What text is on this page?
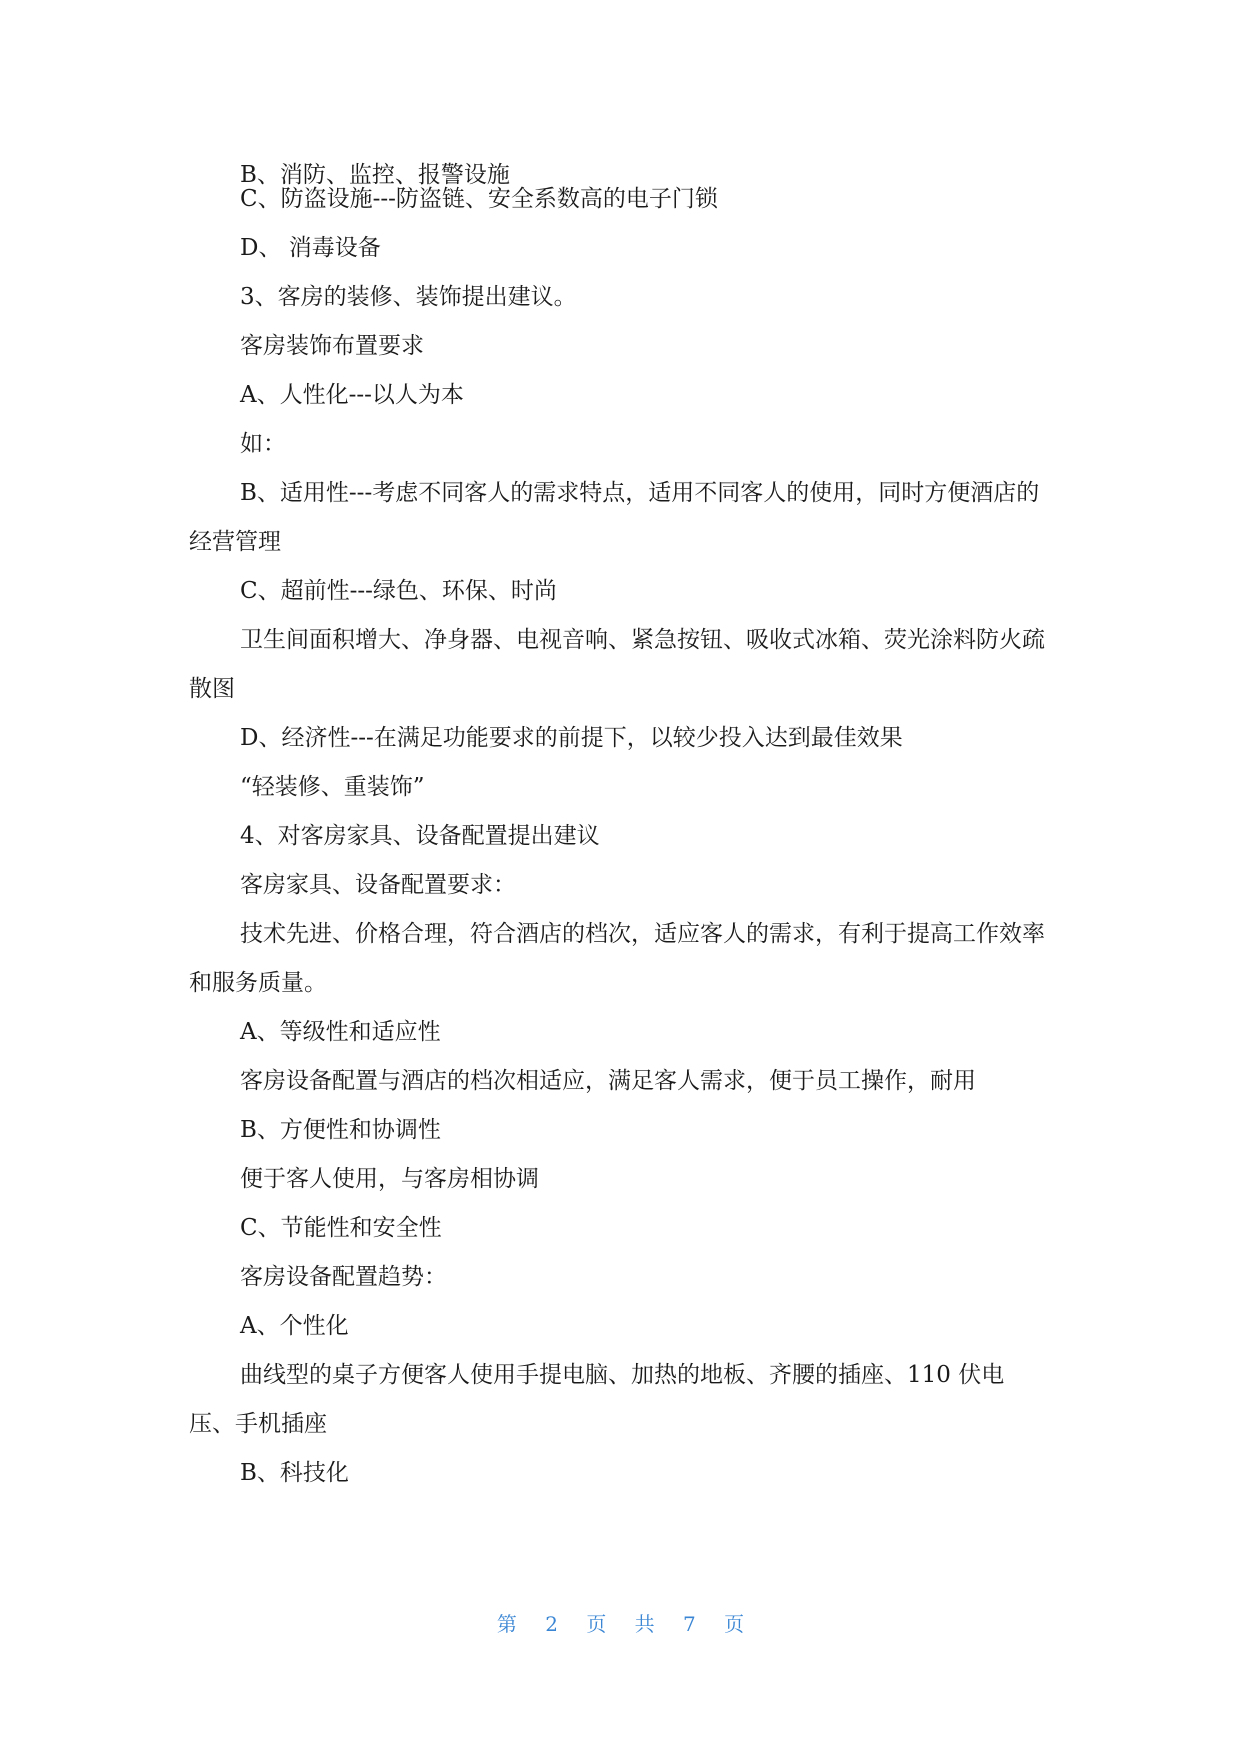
B、消防、监控、报警设施
C、防盗设施---防盗链、安全系数高的电子门锁
D、 消毒设备
3、客房的装修、装饰提出建议。
客房装饰布置要求
A、人性化---以人为本
如：
B、适用性---考虑不同客人的需求特点，适用不同客人的使用，同时方便酒店的经营管理
C、超前性---绿色、环保、时尚
卫生间面积增大、净身器、电视音响、紧急按钮、吸收式冰箱、荧光涂料防火疏散图
D、经济性---在满足功能要求的前提下，以较少投入达到最佳效果
“轻装修、重装饰”
4、对客房家具、设备配置提出建议
客房家具、设备配置要求：
技术先进、价格合理，符合酒店的档次，适应客人的需求，有利于提高工作效率和服务质量。
A、等级性和适应性
客房设备配置与酒店的档次相适应，满足客人需求，便于员工操作，耐用
B、方便性和协调性
便于客人使用，与客房相协调
C、节能性和安全性
客房设备配置趋势：
A、个性化
曲线型的桌子方便客人使用手提电脑、加热的地板、齐腰的插座、110 伏电压、手机插座
B、科技化
第 2 页 共 7 页
